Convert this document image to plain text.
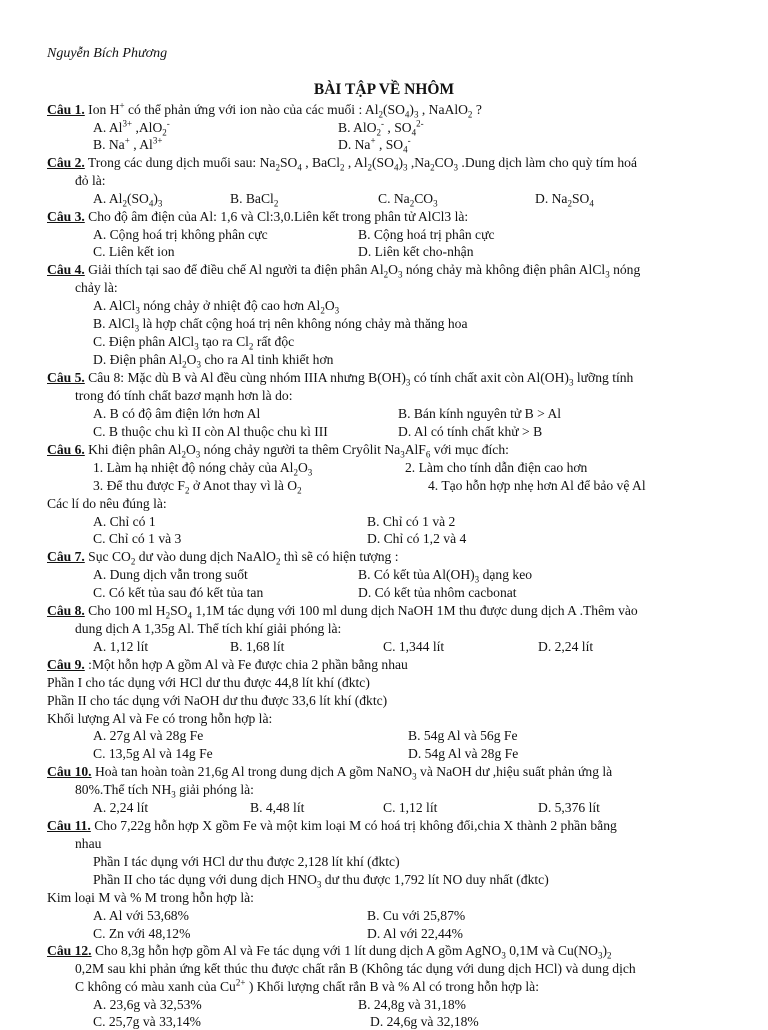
Nguyễn Bích Phương
BÀI TẬP VỀ NHÔM
Câu 1. Ion H+ có thể phản ứng với ion nào của các muối : $Al_2(SO_4)_3$ , NaAlO$_2$ ?
A. $Al^{3+}$ ,AlO$_2$-	B. AlO$_2$- , $SO_4^{2-}$
B. Na+ , $Al^{3+}$	D. Na+ , $SO_4^-$
Câu 2. Trong các dung dịch muối sau: $Na_2SO_4$ , BaCl$_2$ , $Al_2(SO_4)_3$ $,Na_2CO_3$ .Dung dịch làm cho quỳ tím hoá
đỏ là:
A. $Al_2(SO_4)_3$	B. BaCl$_2$	C. $Na_2CO_3$	D. $Na_2SO_4$
Câu 3. Cho độ âm điện của Al: 1,6 và Cl:3,0.Liên kết trong phân tử AlCl3 là:
A. Cộng hoá trị không phân cực	B. Cộng hoá trị phân cực
C. Liên kết ion	D. Liên kết cho-nhận
Câu 4. Giải thích tại sao để điều chế Al người ta điện phân $Al_2O_3$ nóng chảy mà không điện phân AlCl$_3$ nóng
chảy là:
A. AlCl$_3$ nóng chảy ở nhiệt độ cao hơn $Al_2O_3$
B. AlCl$_3$ là hợp chất cộng hoá trị nên không nóng chảy mà thăng hoa
C. Điện phân AlCl$_3$ tạo ra $Cl_2$ rất độc
D. Điện phân $Al_2O_3$ cho ra Al tinh khiết hơn
Câu 5. Câu 8: Mặc dù B và Al đều cùng nhóm IIIA nhưng $B(OH)_3$ có tính chất axit còn $Al(OH)_3$ lưỡng tính
trong đó tính chất bazơ mạnh hơn là do:
A. B có độ âm điện lớn hơn Al	B. Bán kính nguyên tử B > Al
C. B thuộc chu kì II còn Al thuộc chu kì III	D. Al có tính chất khử > B
Câu 6. Khi điện phân $Al_2O_3$ nóng chảy người ta thêm Cryôlit $Na_3AlF_6$ với mục đích:
1. Làm hạ nhiệt độ nóng chảy của $Al_2O_3$	2. Làm cho tính dẫn điện cao hơn
3. Để thu được $F_2$ ở Anot thay vì là $O_2$	4. Tạo hỗn hợp nhẹ hơn Al để bảo vệ Al
Các lí do nêu đúng là:
A. Chỉ có 1	B. Chỉ có 1 và 2
C. Chỉ có 1 và 3	D. Chỉ có 1,2 và 4
Câu 7. Sục $CO_2$ dư vào dung dịch NaAlO$_2$ thì sẽ có hiện tượng :
A. Dung dịch vẫn trong suốt	B. Có kết tủa $Al(OH)_3$ dạng keo
C. Có kết tủa sau đó kết tủa tan	D. Có kết tủa nhôm cacbonat
Câu 8. Cho 100 ml $H_2SO_4$ 1,1M tác dụng với 100 ml dung dịch NaOH 1M thu được dung dịch A .Thêm vào
dung dịch A 1,35g Al. Thể tích khí giải phóng là:
A. 1,12 lít	B. 1,68 lít	C. 1,344 lít	D. 2,24 lít
Câu 9. :Một hỗn hợp A gồm Al và Fe được chia 2 phần bằng nhau
Phần I cho tác dụng với HCl dư thu được 44,8 lít khí (đktc)
Phần II cho tác dụng với NaOH dư thu được 33,6 lít khí (đktc)
Khối lượng Al và Fe có trong hỗn hợp là:
A. 27g Al và 28g Fe	B. 54g Al và 56g Fe
C. 13,5g Al và 14g Fe	D. 54g Al và 28g Fe
Câu 10. Hoà tan hoàn toàn 21,6g Al trong dung dịch A gồm NaNO$_3$ và NaOH dư ,hiệu suất phản ứng là
80%.Thể tích $NH_3$ giải phóng là:
A. 2,24 lít	B. 4,48 lít	C. 1,12 lít	D. 5,376 lít
Câu 11. Cho 7,22g hỗn hợp X gồm Fe và một kim loại M có hoá trị không đổi,chia X thành 2 phần bằng
nhau
Phần I tác dụng với HCl dư thu được 2,128 lít khí (đktc)
Phần II cho tác dụng với dung dịch $HNO_3$ dư thu được 1,792 lít NO duy nhất (đktc)
Kim loại M và % M trong hỗn hợp là:
A. Al với 53,68%	B. Cu với 25,87%
C. Zn với 48,12%	D. Al với 22,44%
Câu 12. Cho 8,3g hỗn hợp gồm Al và Fe tác dụng với 1 lít dung dịch A gồm AgNO$_3$ 0,1M và $Cu(NO_3)_2$
0,2M sau khi phản ứng kết thúc thu được chất rắn B (Không tác dụng với dung dịch HCl) và dung dịch
C không có màu xanh của $Cu^{2+}$ ) Khối lượng chất rắn B và % Al có trong hỗn hợp là:
A. 23,6g và 32,53%	B. 24,8g và 31,18%
C. 25,7g và 33,14%	D. 24,6g và 32,18%
